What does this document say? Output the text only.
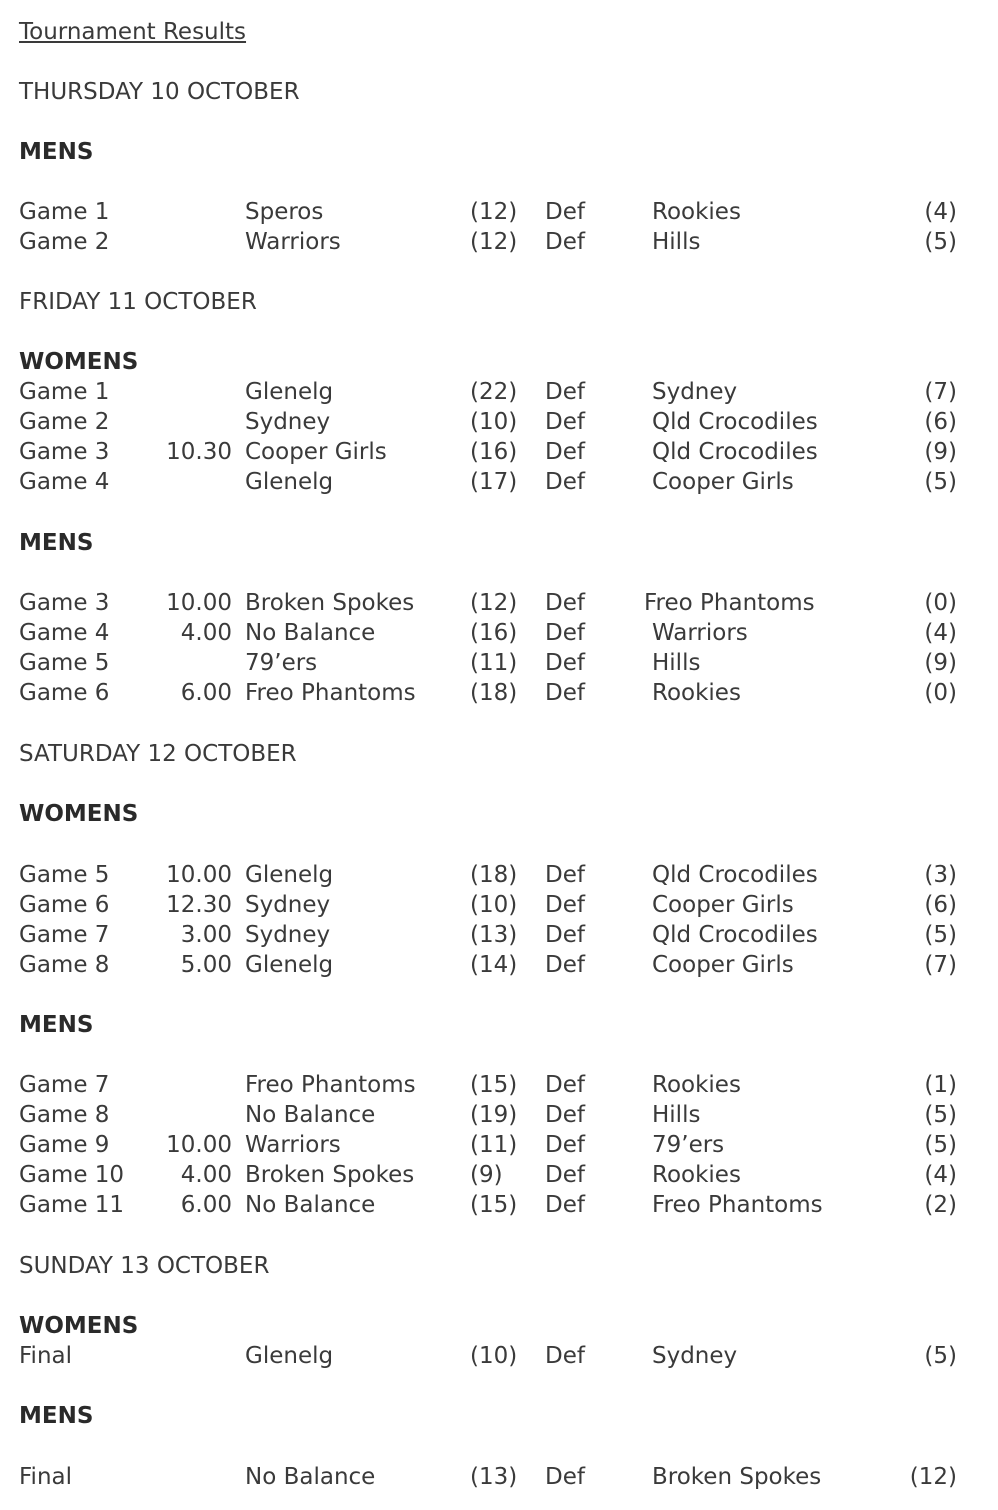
Tournament Results
THURSDAY 10 OCTOBER
MENS
Game 1	Speros	(12) Def	Rookies	(4)
Game 2	Warriors	(12) Def	Hills	(5)
FRIDAY 11 OCTOBER
WOMENS
Game 1	Glenelg	(22) Def	Sydney	(7)
Game 2	Sydney	(10) Def	Qld Crocodiles	(6)
Game 3	10.30 Cooper Girls	(16) Def	Qld Crocodiles	(9)
Game 4	Glenelg	(17) Def	Cooper Girls	(5)
MENS
Game 3	10.00 Broken Spokes (12) Def	Freo Phantoms	(0)
Game 4	4.00 No Balance	(16) Def	Warriors	(4)
Game 5	79’ers	(11) Def	Hills	(9)
Game 6	6.00 Freo Phantoms (18) Def	Rookies	(0)
SATURDAY 12 OCTOBER
WOMENS
Game 5	10.00 Glenelg	(18) Def	Qld Crocodiles	(3)
Game 6	12.30 Sydney	(10) Def	Cooper Girls	(6)
Game 7	3.00 Sydney	(13) Def	Qld Crocodiles	(5)
Game 8	5.00 Glenelg	(14) Def	Cooper Girls	(7)
MENS
Game 7	Freo Phantoms (15) Def	Rookies	(1)
Game 8	No Balance	(19) Def	Hills	(5)
Game 9	10.00 Warriors	(11) Def	79’ers	(5)
Game 10	4.00 Broken Spokes (9) Def	Rookies	(4)
Game 11	6.00 No Balance	(15) Def	Freo Phantoms	(2)
SUNDAY 13 OCTOBER
WOMENS
Final	Glenelg	(10) Def	Sydney	(5)
MENS
Final	No Balance	(13) Def	Broken Spokes	(12)
